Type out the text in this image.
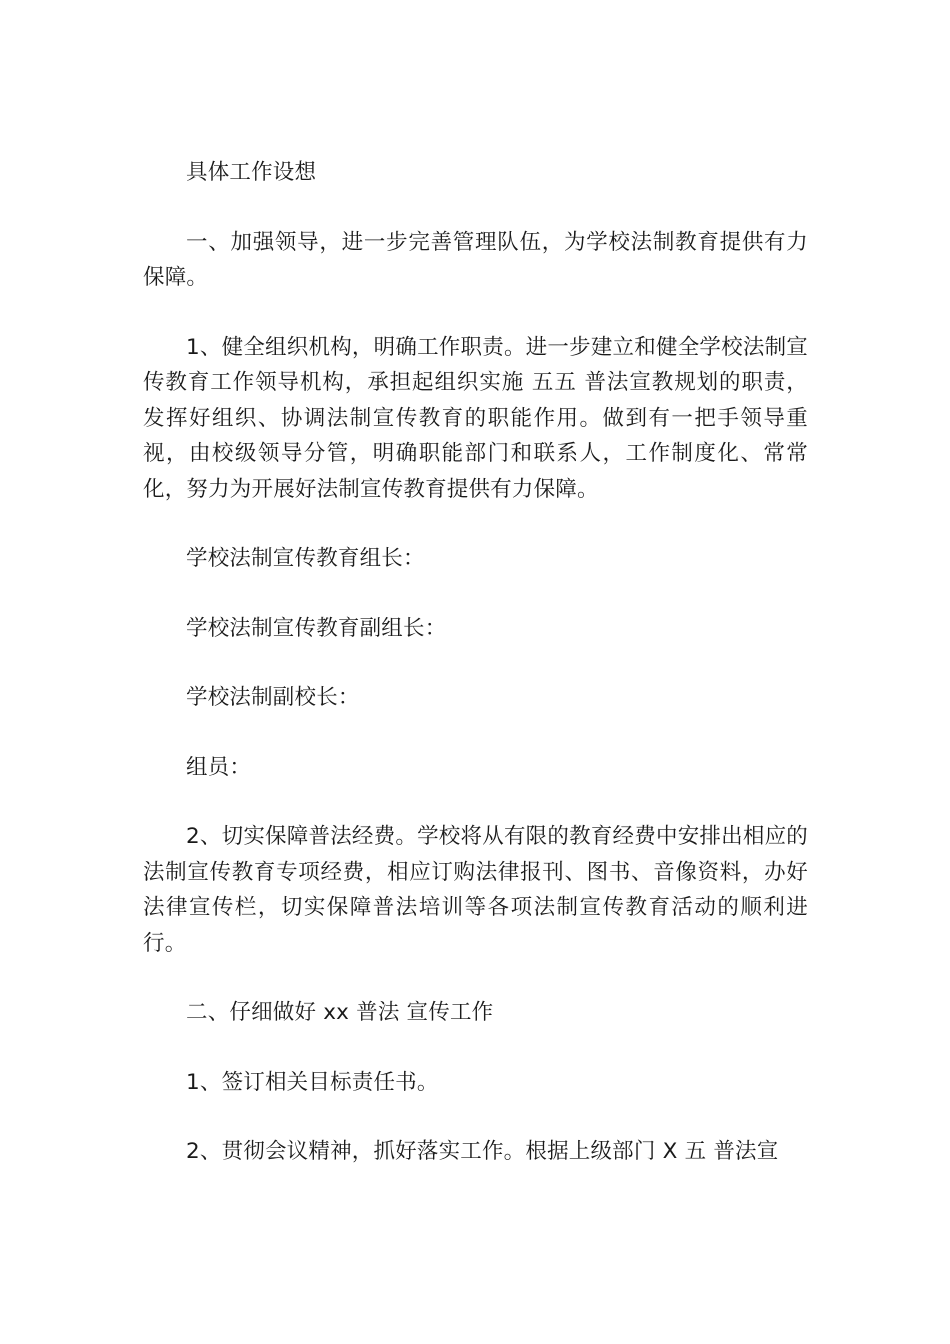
具体工作设想

一、加强领导，进一步完善管理队伍，为学校法制教育提供有力保障。

1、健全组织机构，明确工作职责。进一步建立和健全学校法制宣传教育工作领导机构，承担起组织实施 五五 普法宣教规划的职责，发挥好组织、协调法制宣传教育的职能作用。做到有一把手领导重视，由校级领导分管，明确职能部门和联系人，工作制度化、常常化，努力为开展好法制宣传教育提供有力保障。

学校法制宣传教育组长：

学校法制宣传教育副组长：

学校法制副校长：

组员：

2、切实保障普法经费。学校将从有限的教育经费中安排出相应的法制宣传教育专项经费，相应订购法律报刊、图书、音像资料，办好法律宣传栏，切实保障普法培训等各项法制宣传教育活动的顺利进行。

二、仔细做好 xx 普法 宣传工作

1、签订相关目标责任书。

2、贯彻会议精神，抓好落实工作。根据上级部门 X 五 普法宣
